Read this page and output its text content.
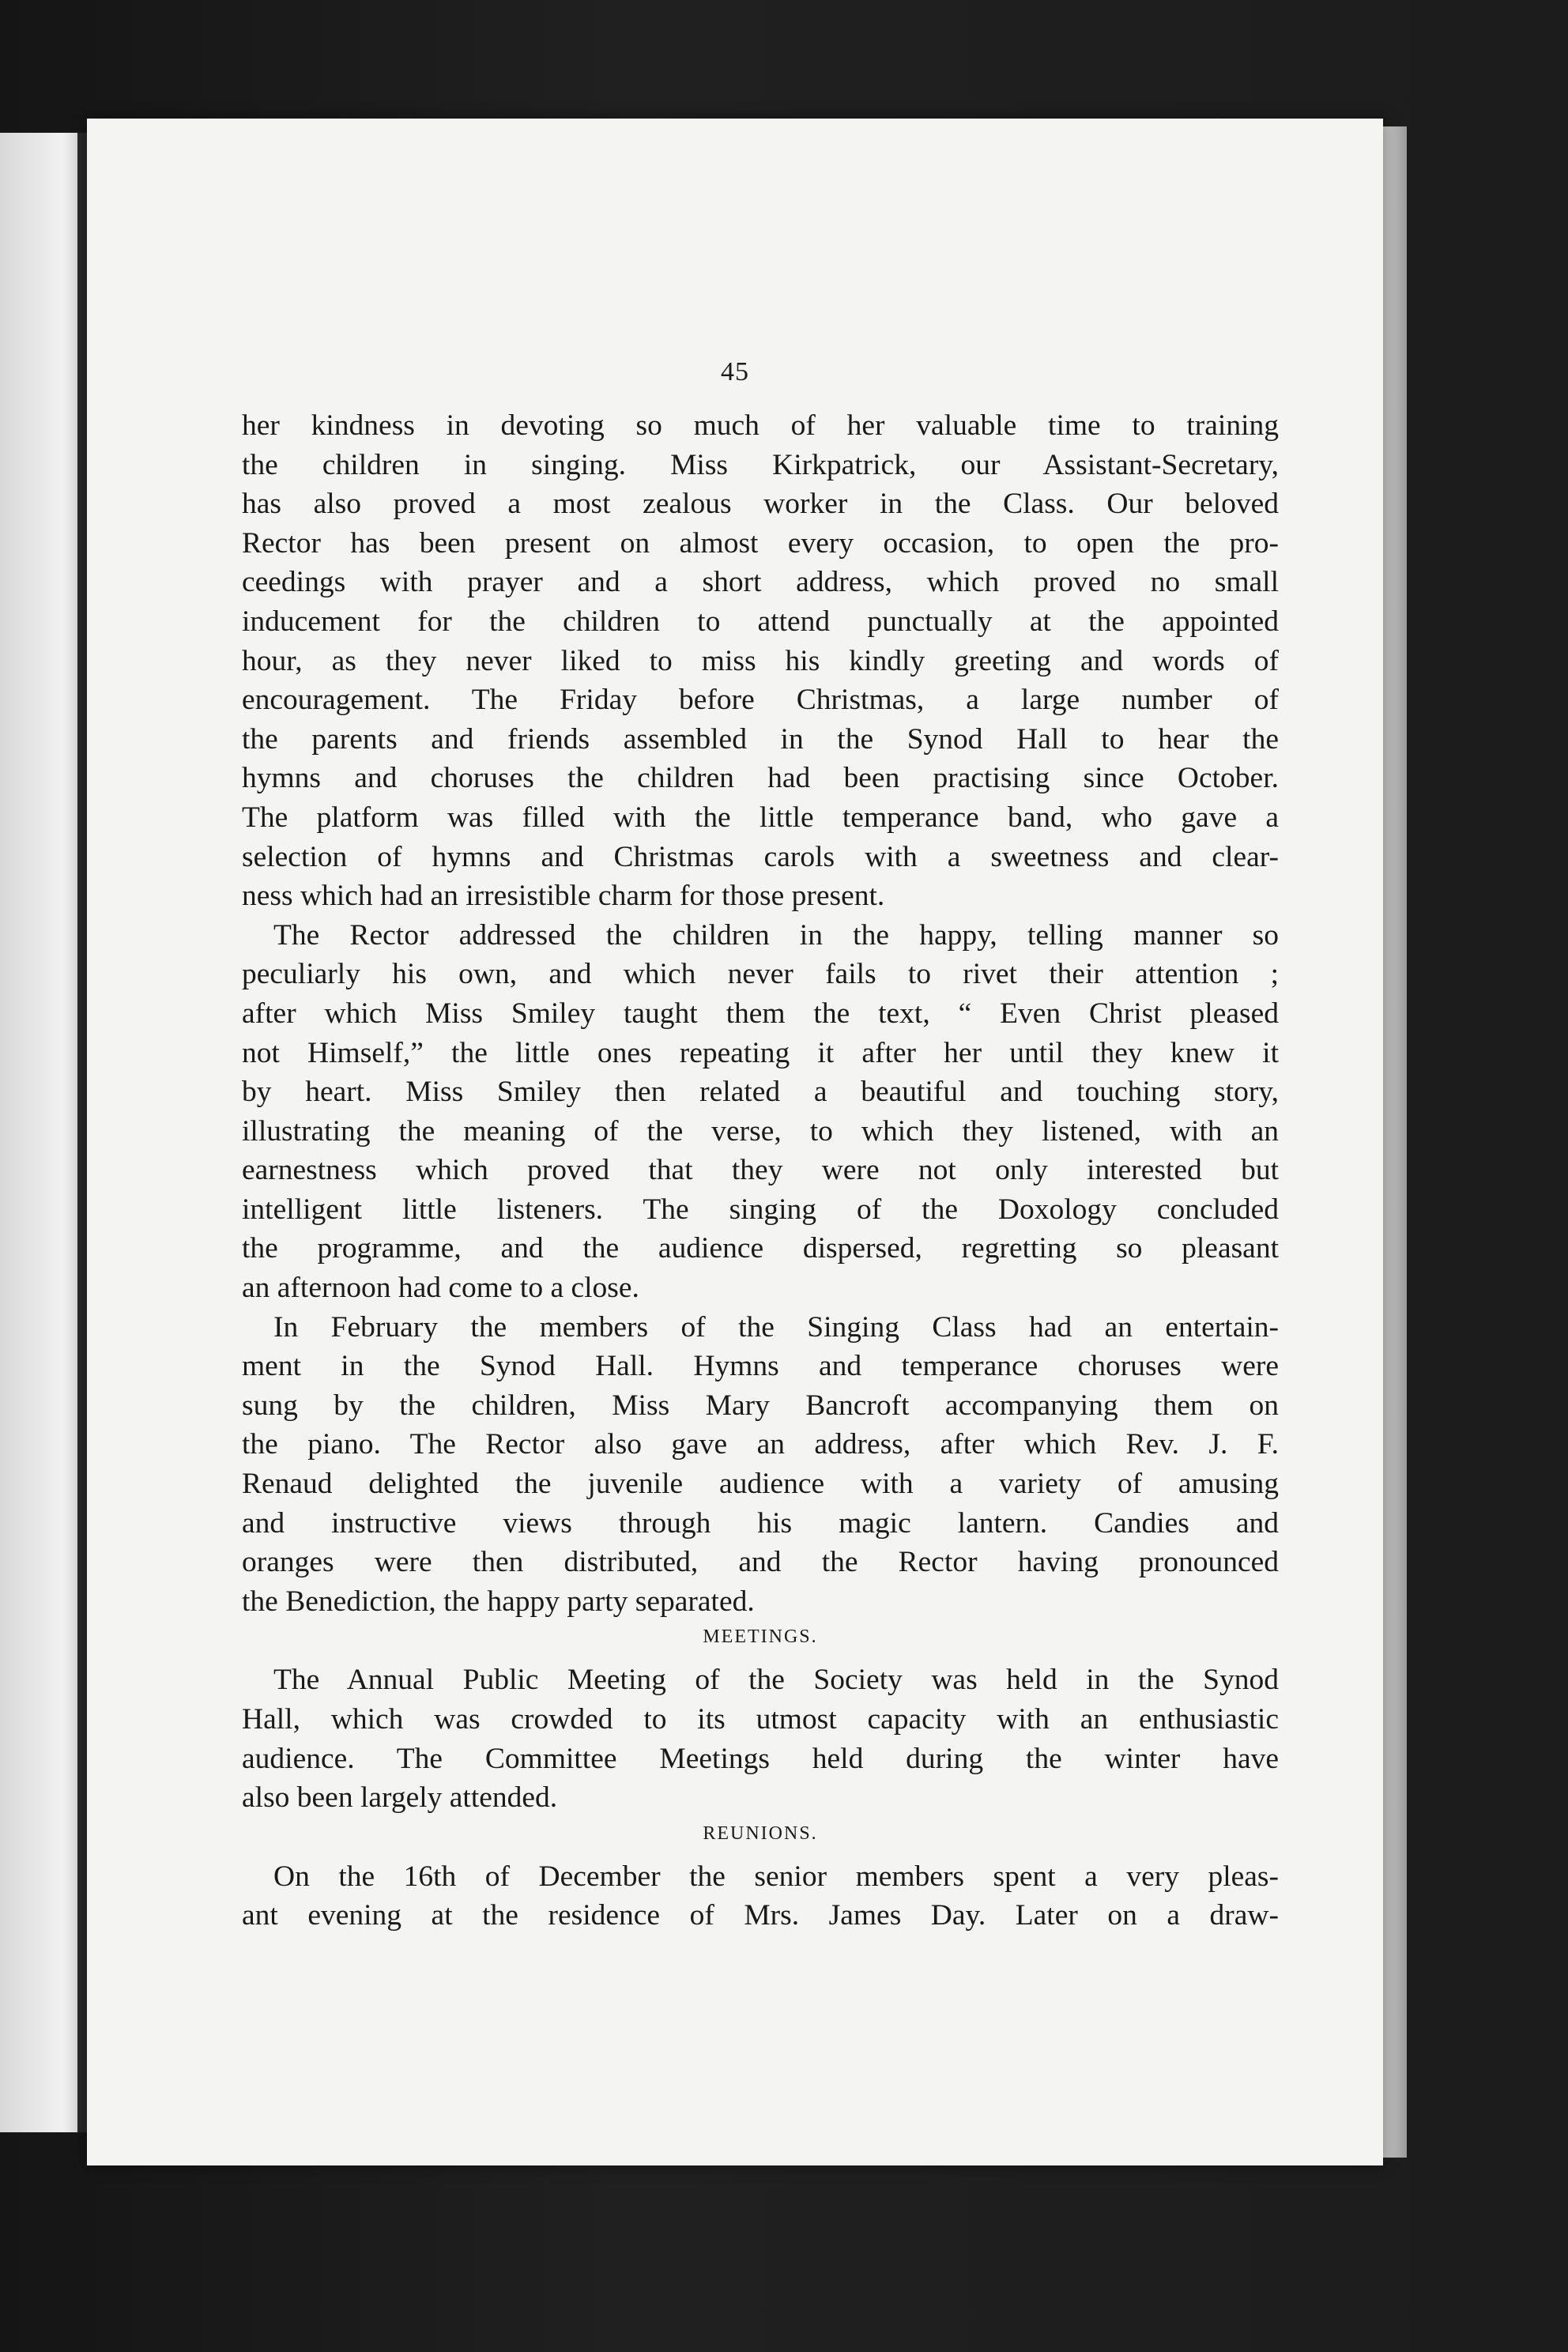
45
her kindness in devoting so much of her valuable time to training
the children in singing. Miss Kirkpatrick, our Assistant-Secretary,
has also proved a most zealous worker in the Class. Our beloved
Rector has been present on almost every occasion, to open the pro-
ceedings with prayer and a short address, which proved no small
inducement for the children to attend punctually at the appointed
hour, as they never liked to miss his kindly greeting and words of
encouragement. The Friday before Christmas, a large number of
the parents and friends assembled in the Synod Hall to hear the
hymns and choruses the children had been practising since October.
The platform was filled with the little temperance band, who gave a
selection of hymns and Christmas carols with a sweetness and clear-
ness which had an irresistible charm for those present.
The Rector addressed the children in the happy, telling manner so
peculiarly his own, and which never fails to rivet their attention ;
after which Miss Smiley taught them the text, “ Even Christ pleased
not Himself,” the little ones repeating it after her until they knew it
by heart. Miss Smiley then related a beautiful and touching story,
illustrating the meaning of the verse, to which they listened, with an
earnestness which proved that they were not only interested but
intelligent little listeners. The singing of the Doxology concluded
the programme, and the audience dispersed, regretting so pleasant
an afternoon had come to a close.
In February the members of the Singing Class had an entertain-
ment in the Synod Hall. Hymns and temperance choruses were
sung by the children, Miss Mary Bancroft accompanying them on
the piano. The Rector also gave an address, after which Rev. J. F.
Renaud delighted the juvenile audience with a variety of amusing
and instructive views through his magic lantern. Candies and
oranges were then distributed, and the Rector having pronounced
the Benediction, the happy party separated.
MEETINGS.
The Annual Public Meeting of the Society was held in the Synod
Hall, which was crowded to its utmost capacity with an enthusiastic
audience. The Committee Meetings held during the winter have
also been largely attended.
REUNIONS.
On the 16th of December the senior members spent a very pleas-
ant evening at the residence of Mrs. James Day. Later on a draw-
